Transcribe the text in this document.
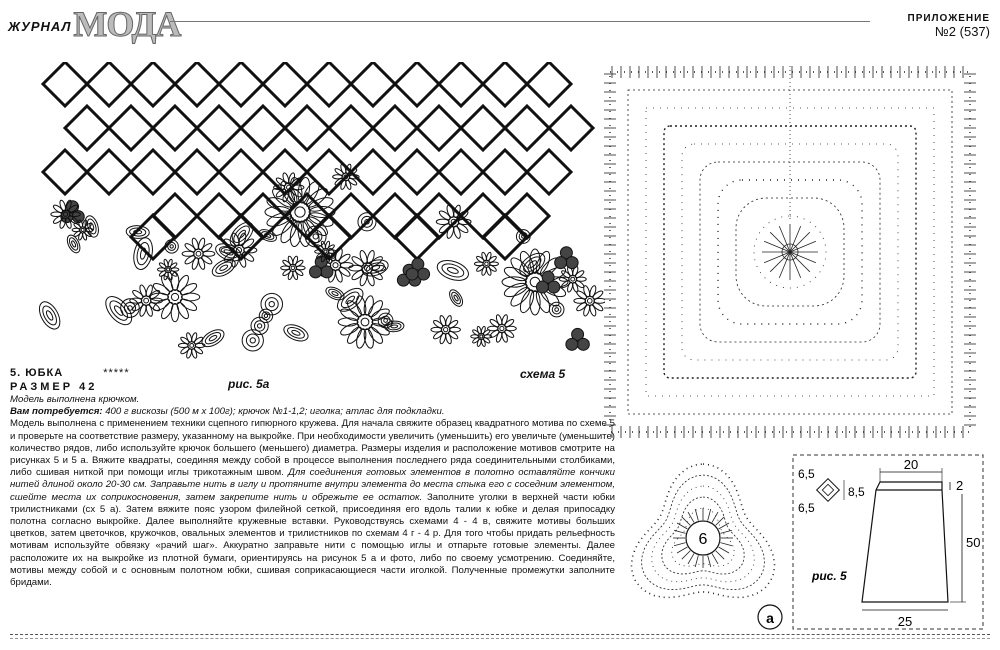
ЖУРНАЛ МОДА	ПРИЛОЖЕНИЕ
№2 (537)
рис. 5а
схема 5
6
а
20
2
50
25
6,5
6,5
8,5
рис. 5
5. ЮБКА	*****
РАЗМЕР 42

Модель выполнена крючком.

Вам потребуется: 400 г вискозы (500 м х 100г); крючок №1-1,2; иголка; атлас для подкладки.

Модель выполнена с применением техники сцепного гипюрного кружева. Для начала свяжите образец квадратного мотива по схеме 5 и проверьте на соответствие размеру, указанному на выкройке. При необходимости увеличить (уменьшить) его увеличьте (уменьшите) количество рядов, либо используйте крючок большего (меньшего) диаметра. Размеры изделия и расположение мотивов смотрите на рисунках 5 и 5 а. Вяжите квадраты, соединяя между собой в процессе выполнения последнего ряда соединительными столбиками, либо сшивая ниткой при помощи иглы трикотажным швом. Для соединения готовых элементов в полотно оставляйте кончики нитей длиной около 20-30 см. Заправьте нить в иглу и протяните внутри элемента до места стыка его с соседним элементом, сшейте места их соприкосновения, затем закрепите нить и обрежьте ее остаток. Заполните уголки в верхней части юбки трилистниками (сх 5 а). Затем вяжите пояс узором филейной сеткой, присоединяя его вдоль талии к юбке и делая припосадку полотна согласно выкройке. Далее выполняйте кружевные вставки. Руководствуясь схемами 4 - 4 в, свяжите мотивы больших цветков, затем цветочков, кружочков, овальных элементов и трилистников по схемам 4 г - 4 р. Для того чтобы придать рельефность мотивам используйте обвязку «рачий шаг». Аккуратно заправьте нити с помощью иглы и отпарьте готовые элементы. Далее расположите их на выкройке из плотной бумаги, ориентируясь на рисунок 5 а и фото, либо по своему усмотрению. Соединяйте, мотивы между собой и с основным полотном юбки, сшивая соприкасающиеся части иголкой. Полученные промежутки заполните бридами.
